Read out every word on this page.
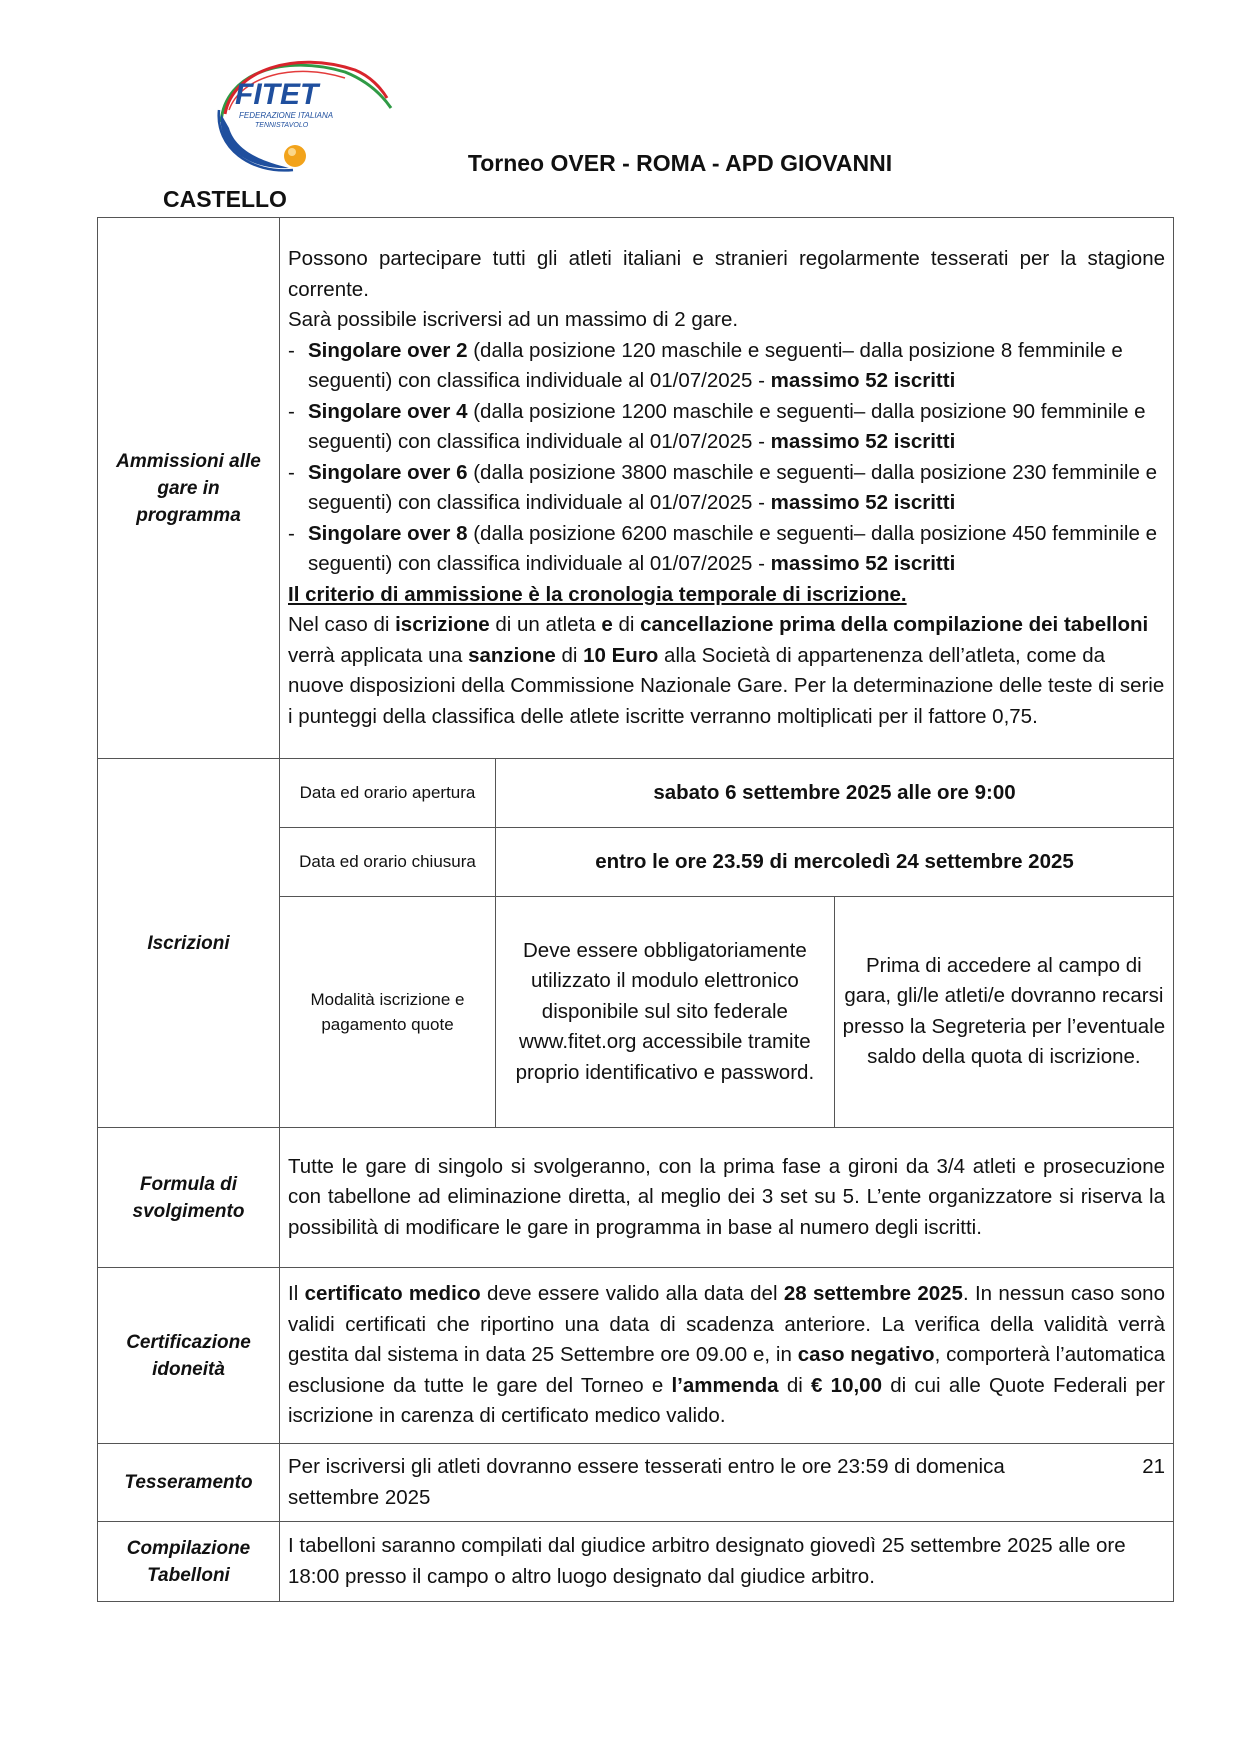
FITET
FEDERAZIONE ITALIANA
TENNISTAVOLO
Torneo OVER - ROMA - APD GIOVANNI
CASTELLO
Ammissioni alle gare in programma	

Possono partecipare tutti gli atleti italiani e stranieri regolarmente tesserati per la stagione corrente.

Sarà possibile iscriversi ad un massimo di 2 gare.

- Singolare over 2 (dalla posizione 120 maschile e seguenti– dalla posizione 8 femminile e seguenti) con classifica individuale al 01/07/2025 - massimo 52 iscritti

- Singolare over 4 (dalla posizione 1200 maschile e seguenti– dalla posizione 90 femminile e seguenti) con classifica individuale al 01/07/2025 - massimo 52 iscritti

- Singolare over 6 (dalla posizione 3800 maschile e seguenti– dalla posizione 230 femminile e seguenti) con classifica individuale al 01/07/2025 - massimo 52 iscritti

- Singolare over 8 (dalla posizione 6200 maschile e seguenti– dalla posizione 450 femminile e seguenti) con classifica individuale al 01/07/2025 - massimo 52 iscritti

Il criterio di ammissione è la cronologia temporale di iscrizione.

Nel caso di iscrizione di un atleta e di cancellazione prima della compilazione dei tabelloni verrà applicata una sanzione di 10 Euro alla Società di appartenenza dell’atleta, come da nuove disposizioni della Commissione Nazionale Gare. Per la determinazione delle teste di serie i punteggi della classifica delle atlete iscritte verranno moltiplicati per il fattore 0,75.

Iscrizioni	
Data ed orario apertura	sabato 6 settembre 2025 alle ore 9:00
Data ed orario chiusura	entro le ore 23.59 di mercoledì 24 settembre 2025
Modalità iscrizione e pagamento quote	Deve essere obbligatoriamente utilizzato il modulo elettronico disponibile sul sito federale www.fitet.org accessibile tramite proprio identificativo e password.	Prima di accedere al campo di gara, gli/le atleti/e dovranno recarsi presso la Segreteria per l’eventuale saldo della quota di iscrizione.

Formula di svolgimento	

Tutte le gare di singolo si svolgeranno, con la prima fase a gironi da 3/4 atleti e prosecuzione con tabellone ad eliminazione diretta, al meglio dei 3 set su 5. L’ente organizzatore si riserva la possibilità di modificare le gare in programma in base al numero degli iscritti.

Certificazione idoneità	

Il certificato medico deve essere valido alla data del 28 settembre 2025. In nessun caso sono validi certificati che riportino una data di scadenza anteriore. La verifica della validità verrà gestita dal sistema in data 25 Settembre ore 09.00 e, in caso negativo, comporterà l’automatica esclusione da tutte le gare del Torneo e l’ammenda di € 10,00 di cui alle Quote Federali per iscrizione in carenza di certificato medico valido.

Tesseramento	
Per iscriversi gli atleti dovranno essere tesserati entro le ore 23:59 di domenica	21
settembre 2025

Compilazione Tabelloni	I tabelloni saranno compilati dal giudice arbitro designato giovedì 25 settembre 2025 alle ore 18:00 presso il campo o altro luogo designato dal giudice arbitro.
